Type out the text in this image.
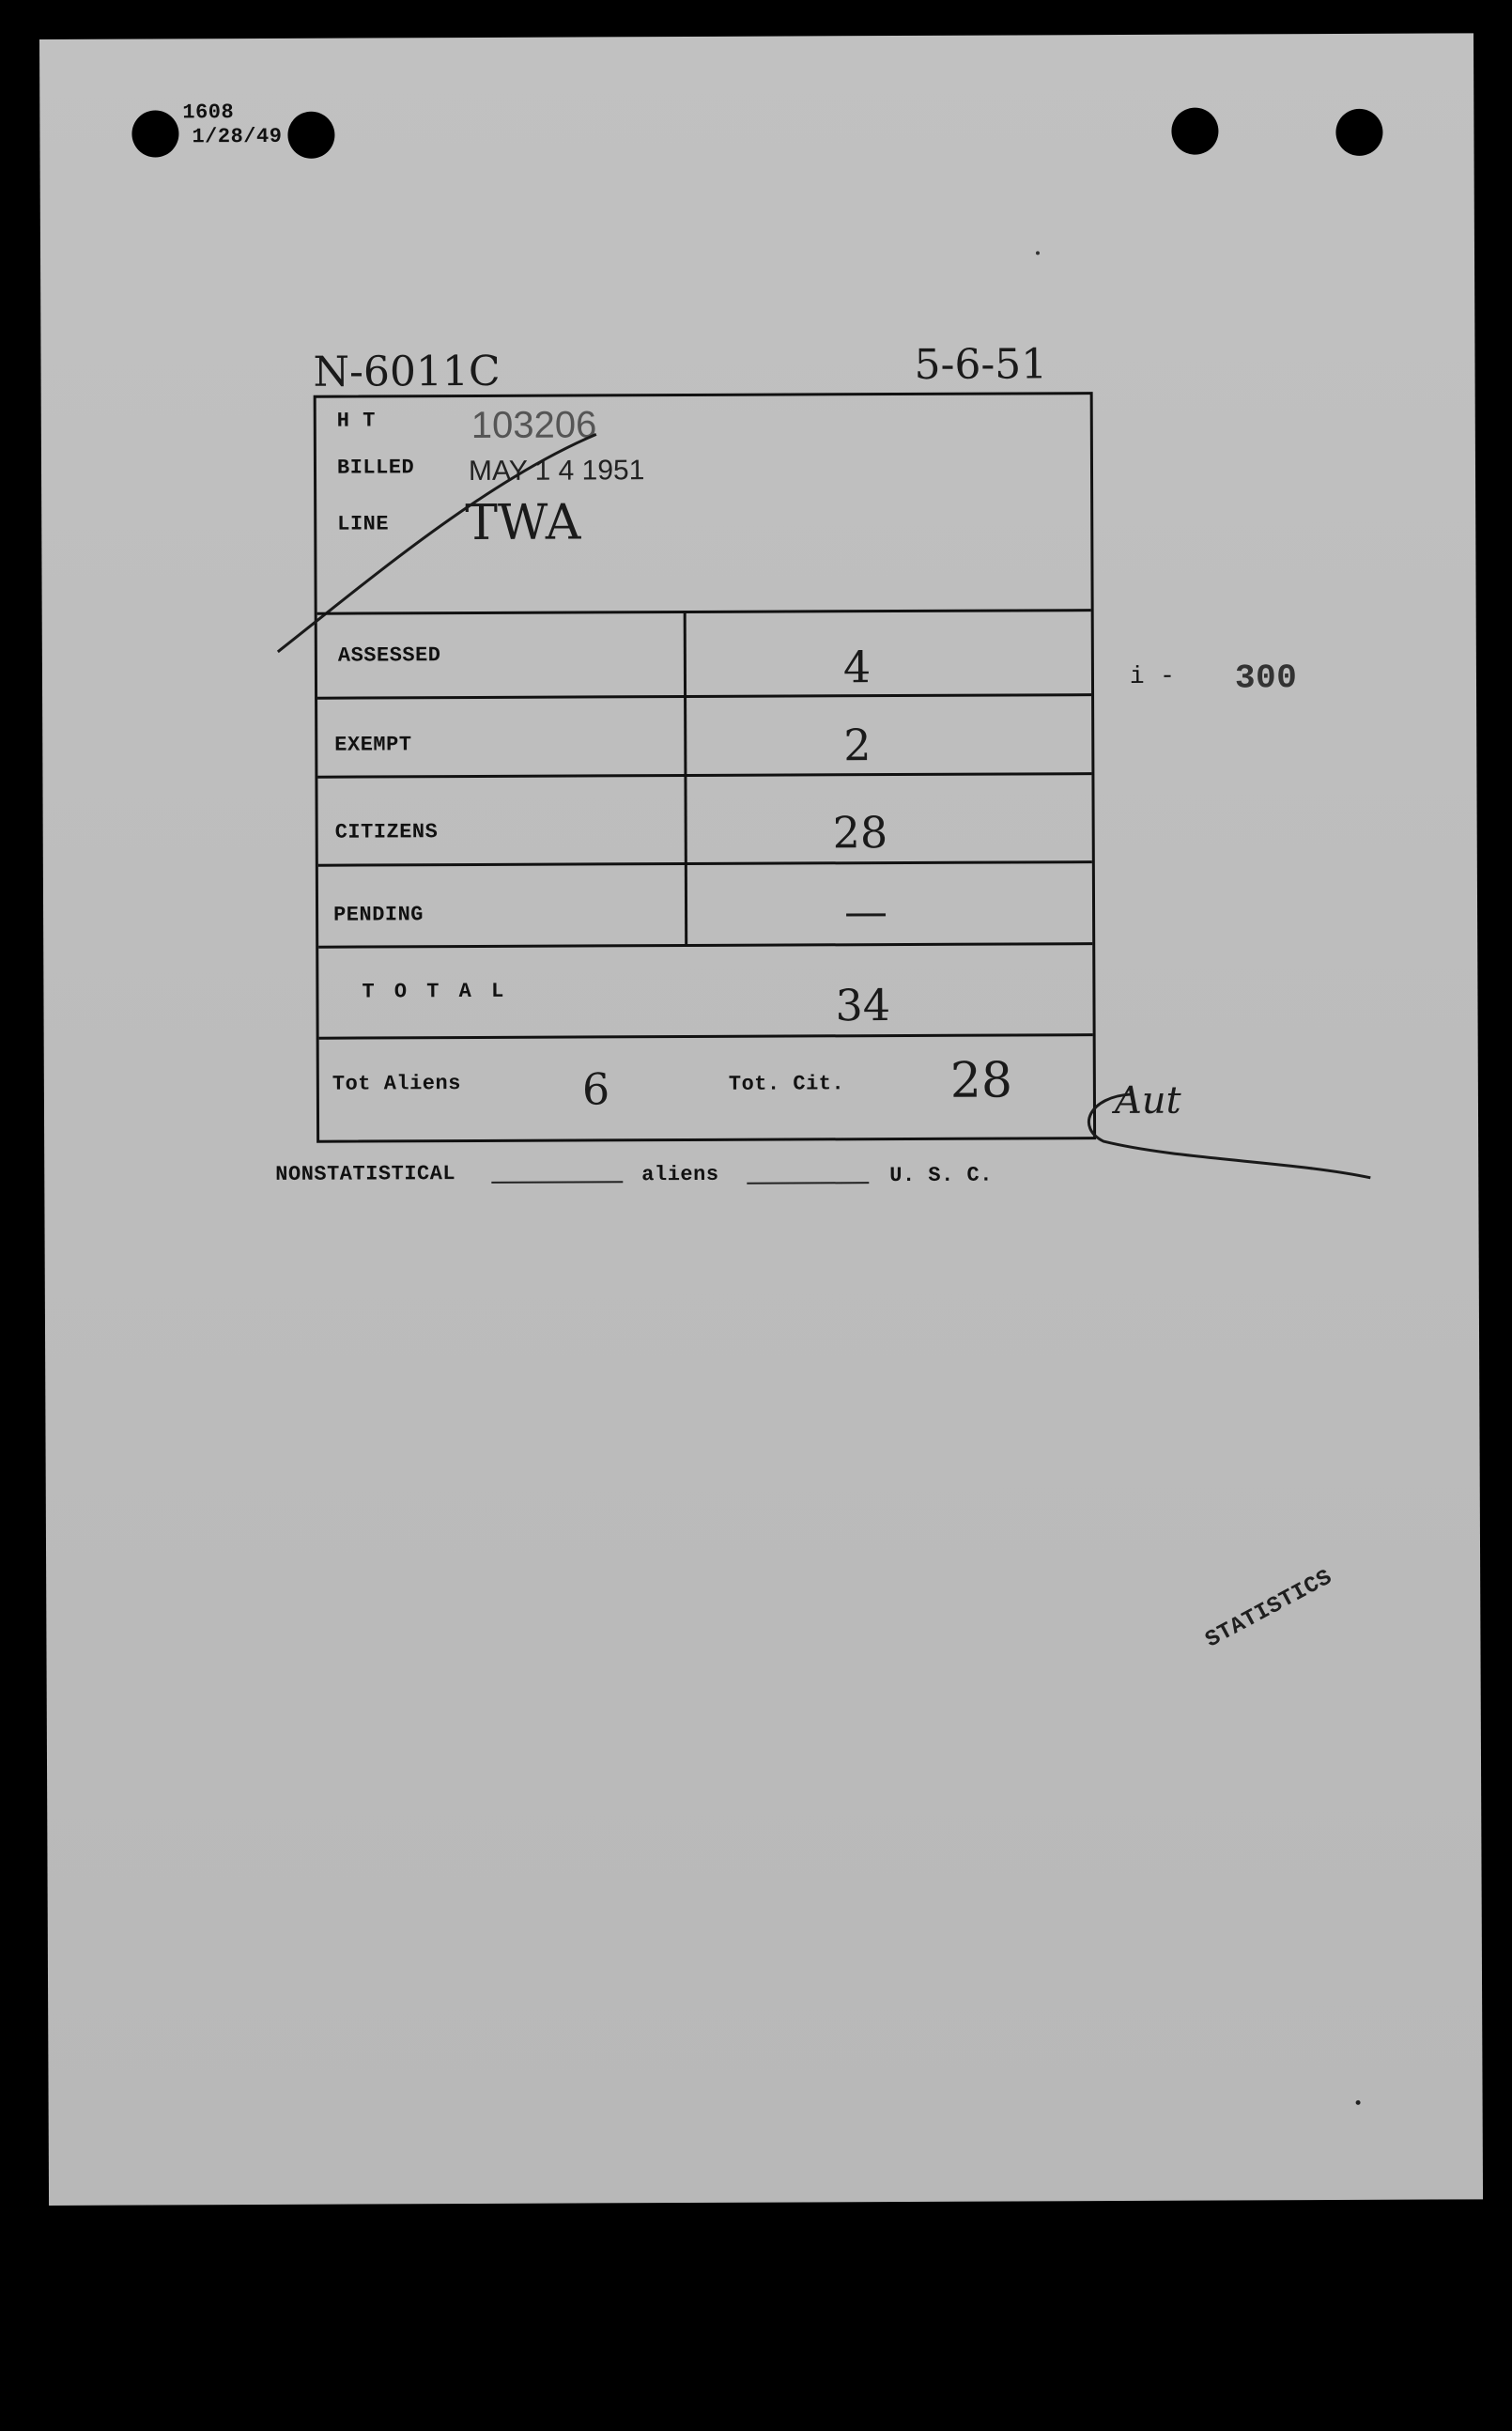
1608
1/28/49
N-6011C	5-6-51
H T	103206
BILLED MAY 1 4 1951
LINE TWA
ASSESSED	4
EXEMPT	2
CITIZENS	28
PENDING	—
T O T A L	34
Tot Aliens	6	Tot. Cit. 28
i - 300
Aut
NONSTATISTICAL	aliens	U. S. C.
STATISTICS
